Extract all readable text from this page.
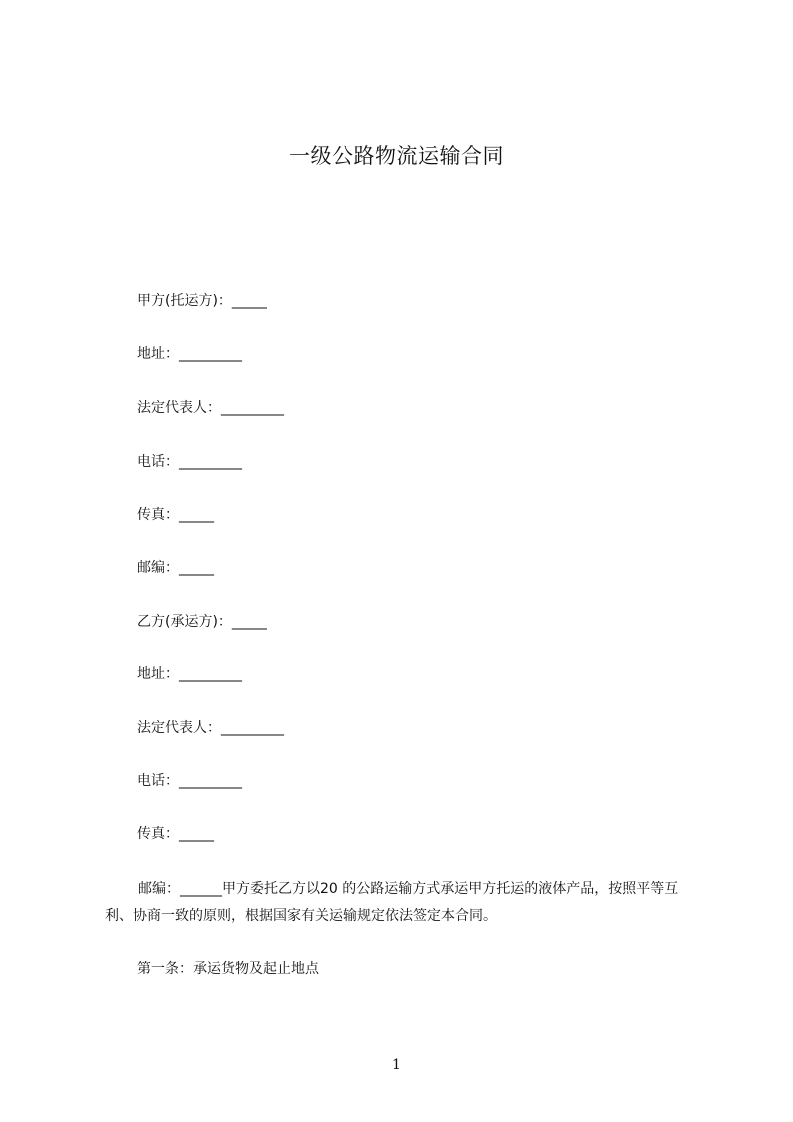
一级公路物流运输合同
甲方(托运方)：_____
地址：_________
法定代表人：_________
电话：_________
传真：_____
邮编：_____
乙方(承运方)：_____
地址：_________
法定代表人：_________
电话：_________
传真：_____
邮编：______甲方委托乙方以20 的公路运输方式承运甲方托运的液体产品，按照平等互利、协商一致的原则，根据国家有关运输规定依法签定本合同。
第一条：承运货物及起止地点
1
